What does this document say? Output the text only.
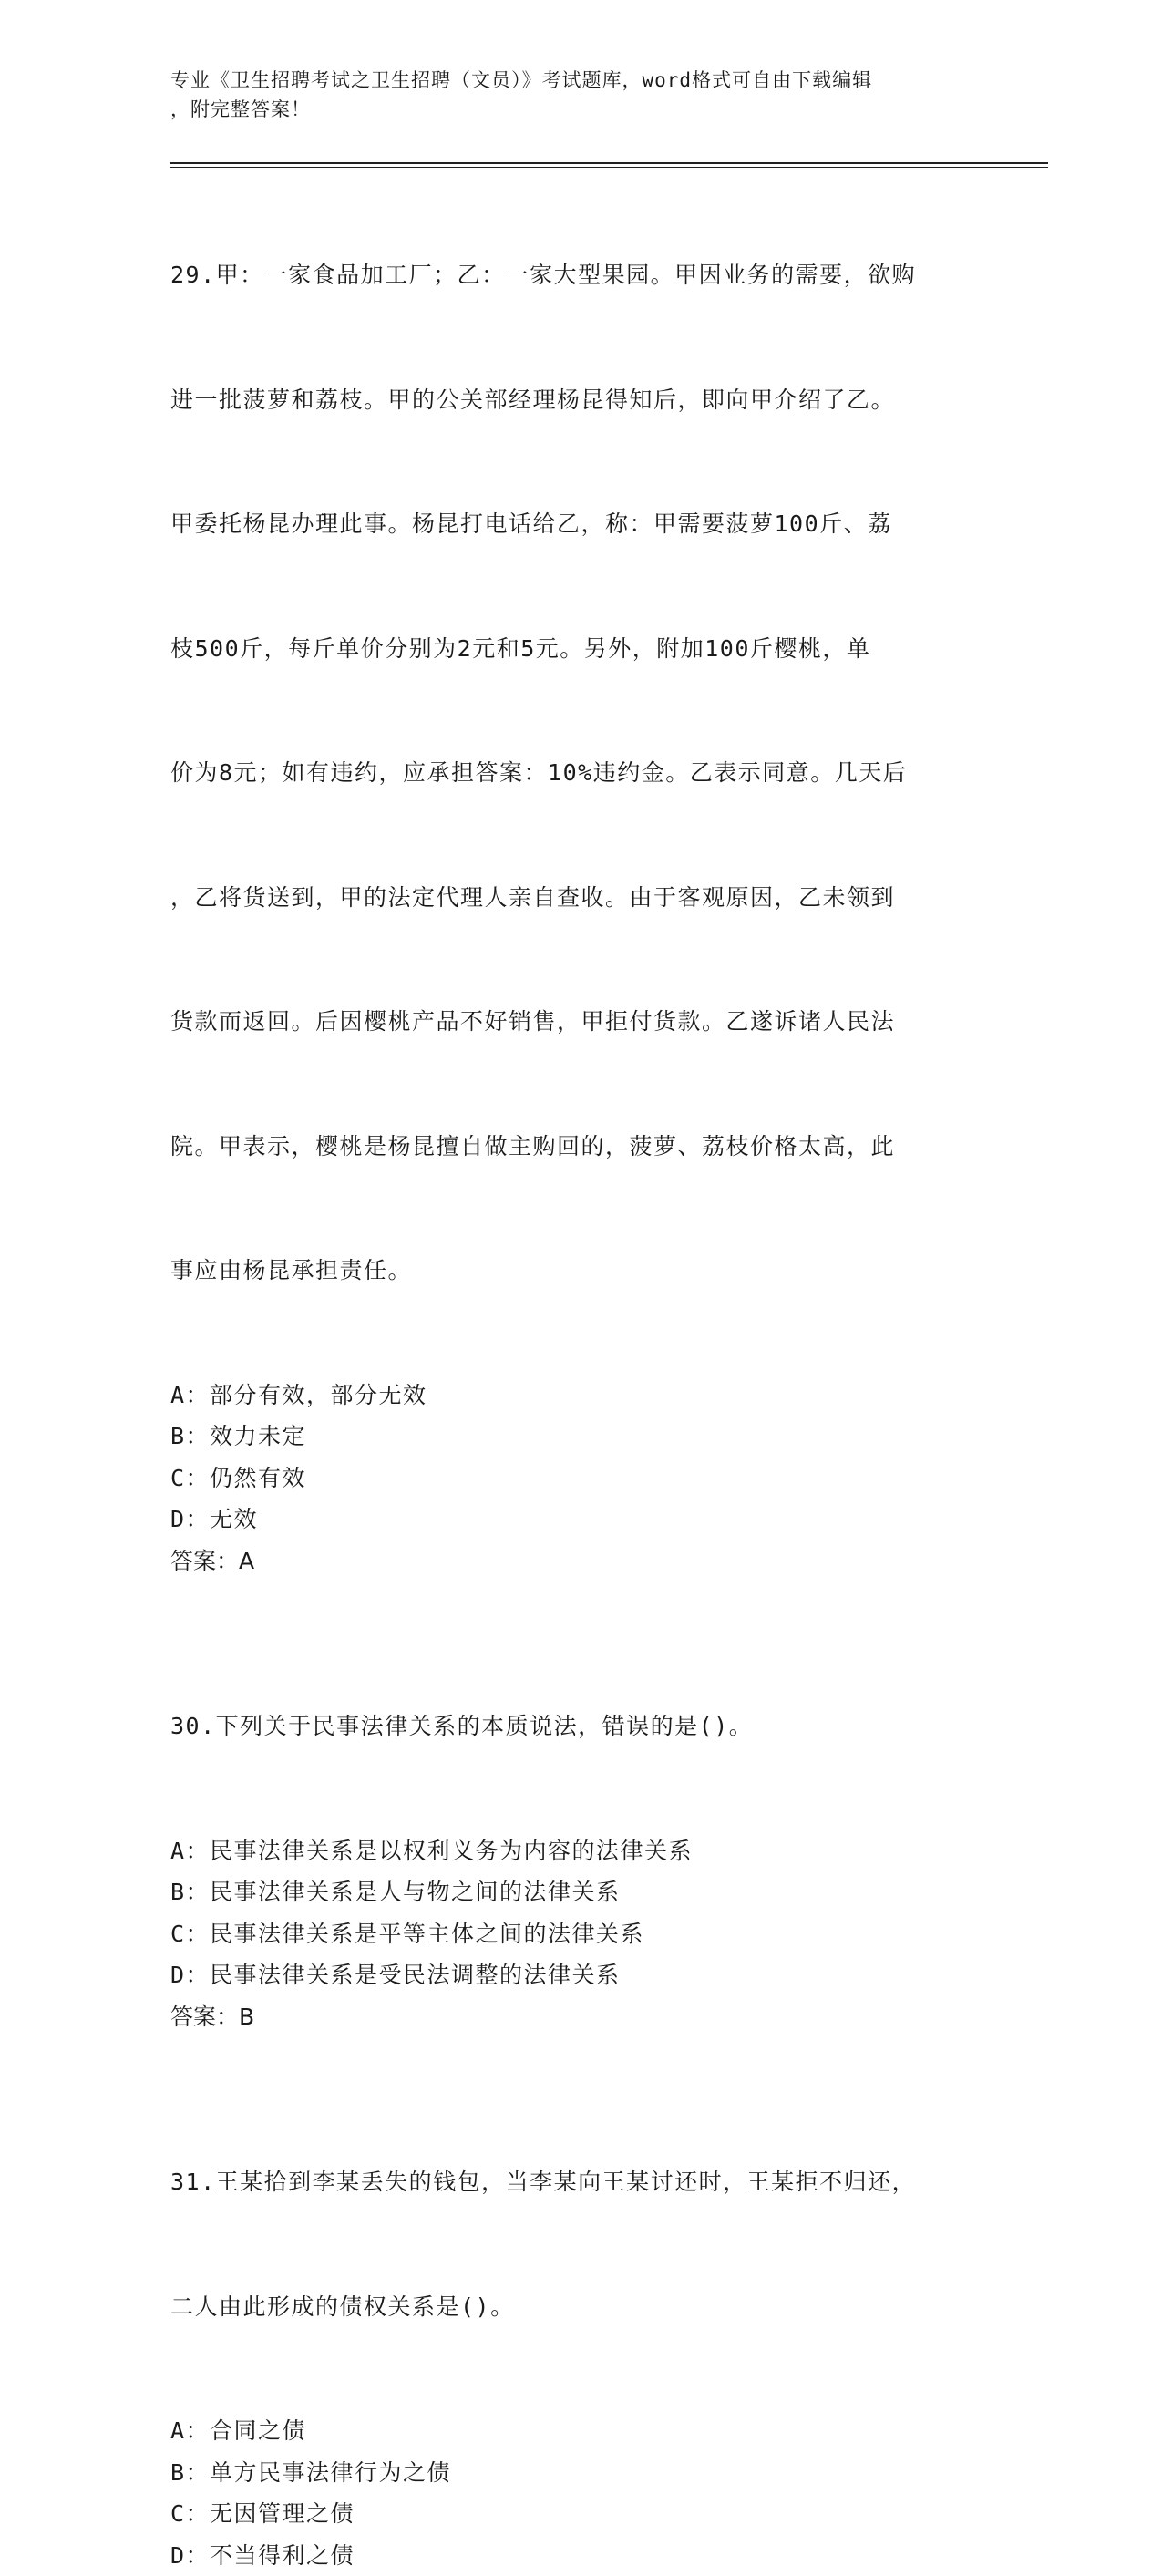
专业《卫生招聘考试之卫生招聘（文员）》考试题库，word格式可自由下载编辑
，附完整答案！

29.甲：一家食品加工厂；乙：一家大型果园。甲因业务的需要，欲购

进一批菠萝和荔枝。甲的公关部经理杨昆得知后，即向甲介绍了乙。

甲委托杨昆办理此事。杨昆打电话给乙，称：甲需要菠萝100斤、荔

枝500斤，每斤单价分别为2元和5元。另外，附加100斤樱桃，单

价为8元；如有违约，应承担答案：10%违约金。乙表示同意。几天后

，乙将货送到，甲的法定代理人亲自查收。由于客观原因，乙未领到

货款而返回。后因樱桃产品不好销售，甲拒付货款。乙遂诉诸人民法

院。甲表示，樱桃是杨昆擅自做主购回的，菠萝、荔枝价格太高，此

事应由杨昆承担责任。

A：部分有效，部分无效
B：效力未定
C：仍然有效
D：无效
答案：A

30.下列关于民事法律关系的本质说法，错误的是()。

A：民事法律关系是以权利义务为内容的法律关系
B：民事法律关系是人与物之间的法律关系
C：民事法律关系是平等主体之间的法律关系
D：民事法律关系是受民法调整的法律关系
答案：B

31.王某拾到李某丢失的钱包，当李某向王某讨还时，王某拒不归还，

二人由此形成的债权关系是()。

A：合同之债
B：单方民事法律行为之债
C：无因管理之债
D：不当得利之债
